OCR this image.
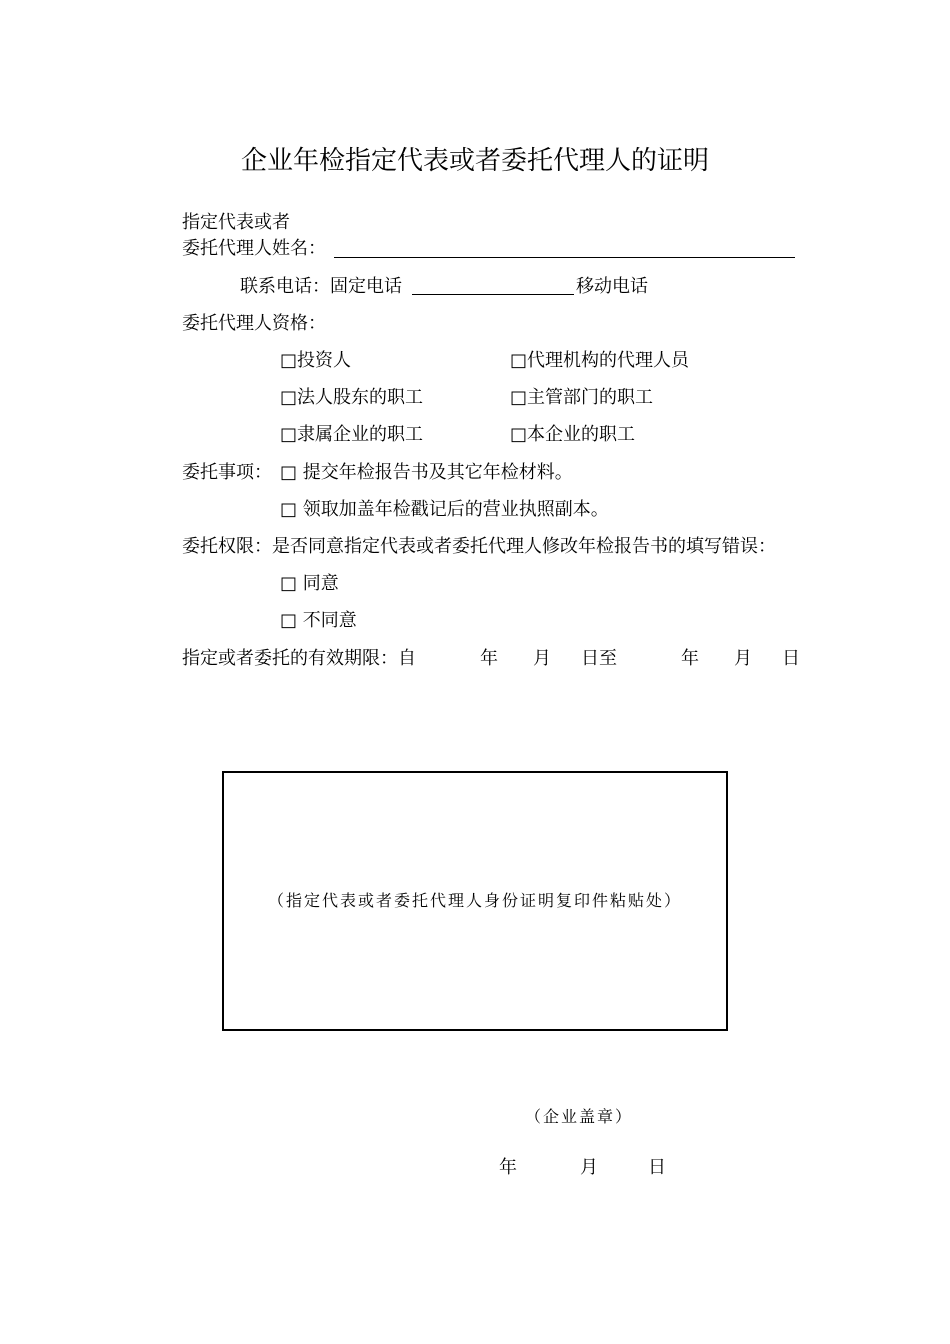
企业年检指定代表或者委托代理人的证明
指定代表或者
委托代理人姓名：
联系电话：固定电话	移动电话
委托代理人资格：
□投资人	□代理机构的代理人员
□法人股东的职工	□主管部门的职工
□隶属企业的职工	□本企业的职工
委托事项： □ 提交年检报告书及其它年检材料。
□ 领取加盖年检戳记后的营业执照副本。
委托权限：是否同意指定代表或者委托代理人修改年检报告书的填写错误：
□ 同意
□ 不同意
指定或者委托的有效期限：自	年 月 日至	年 月 日
（指定代表或者委托代理人身份证明复印件粘贴处）
（企业盖章）
年	月	日
